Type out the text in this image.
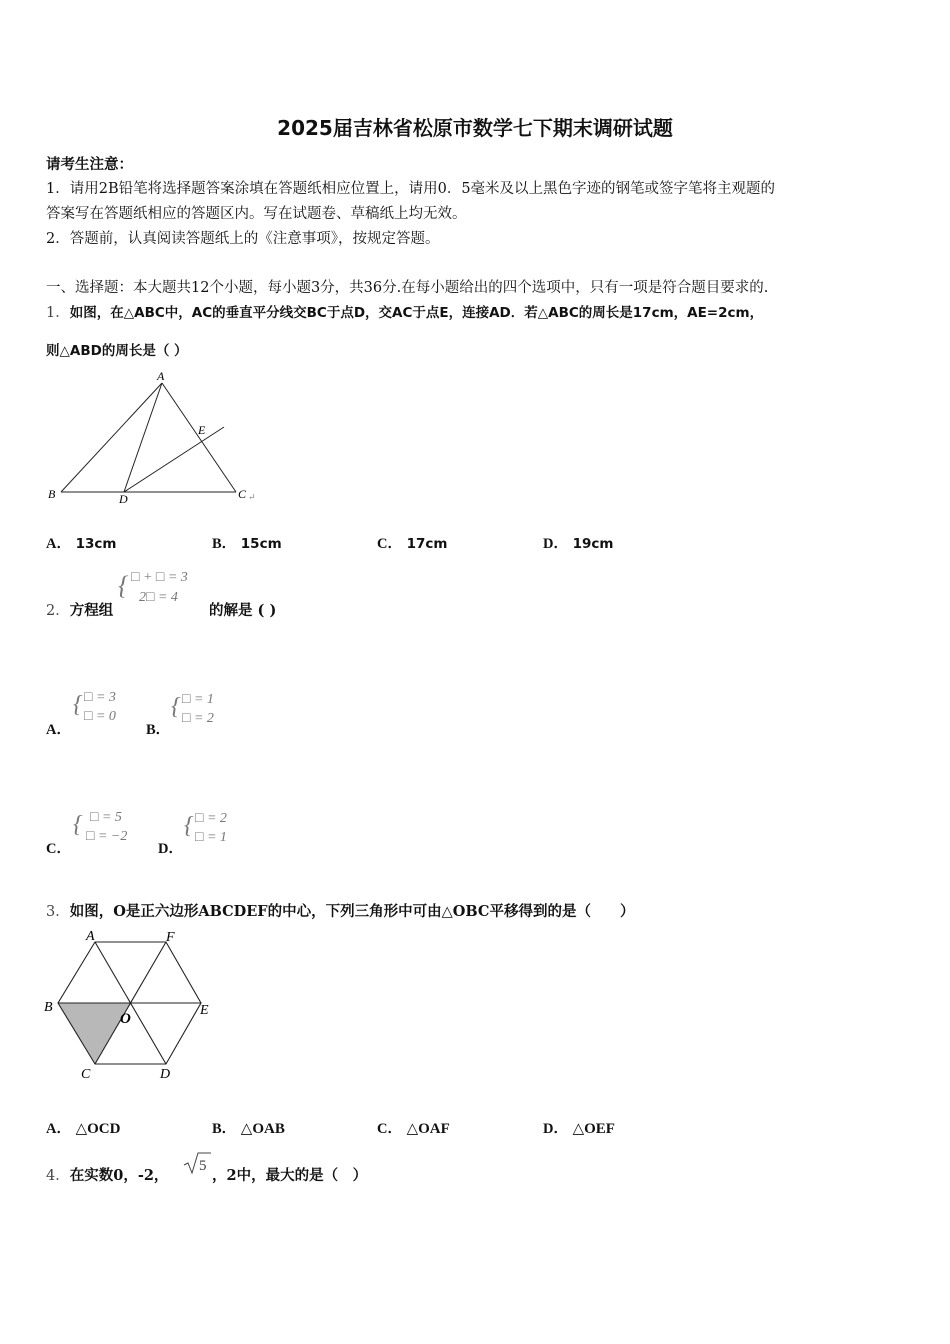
2025届吉林省松原市数学七下期末调研试题
请考生注意：
1．请用2B铅笔将选择题答案涂填在答题纸相应位置上，请用0．5毫米及以上黑色字迹的钢笔或签字笔将主观题的
答案写在答题纸相应的答题区内。写在试题卷、草稿纸上均无效。
2．答题前，认真阅读答题纸上的《注意事项》，按规定答题。
一、选择题：本大题共12个小题，每小题3分，共36分.在每小题给出的四个选项中，只有一项是符合题目要求的.
1．如图，在△ABC中，AC的垂直平分线交BC于点D，交AC于点E，连接AD．若△ABC的周长是17cm，AE=2cm，
则△ABD的周长是（ ）
A
B	C
D
E
↵
A． 13cm	B． 15cm	C． 17cm	D． 19cm
2．方程组
{ □ + □ = 3
2□ = 4
的解是 ( )
A．
{ □ = 3
□ = 0
B．
{ □ = 1
□ = 2
C．
{ □ = 5
□ = −2
D．
{ □ = 2
□ = 1
3．如图，O是正六边形ABCDEF的中心，下列三角形中可由△OBC平移得到的是（　　）
A	F
B	E
O
C	D
A． △OCD	B． △OAB	C． △OAF	D． △OEF
4．在实数0，-2，
5
，2中，最大的是（　）
